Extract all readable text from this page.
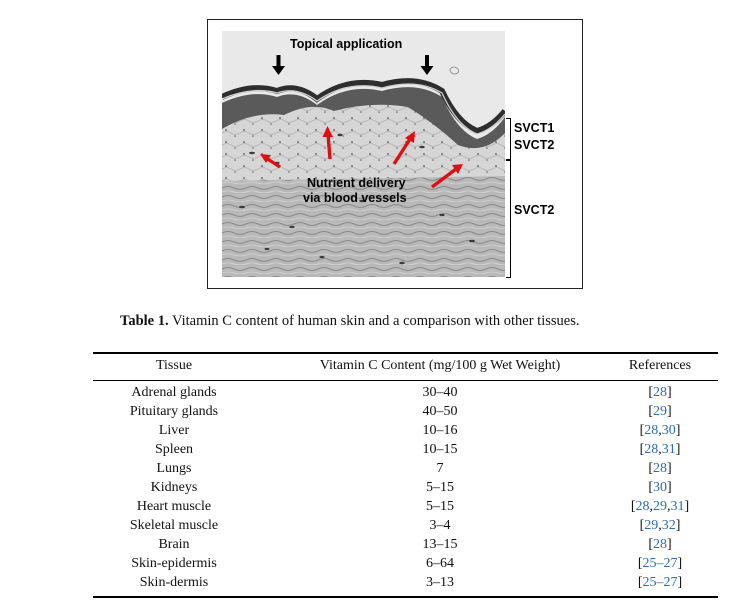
Topical application
Nutrient delivery
via blood vessels
SVCT1
SVCT2
SVCT2
Table 1. Vitamin C content of human skin and a comparison with other tissues.
Tissue	Vitamin C Content (mg/100 g Wet Weight)	References
Adrenal glands	30–40	[28]
Pituitary glands	40–50	[29]
Liver	10–16	[28,30]
Spleen	10–15	[28,31]
Lungs	7	[28]
Kidneys	5–15	[30]
Heart muscle	5–15	[28,29,31]
Skeletal muscle	3–4	[29,32]
Brain	13–15	[28]
Skin-epidermis	6–64	[25–27]
Skin-dermis	3–13	[25–27]
